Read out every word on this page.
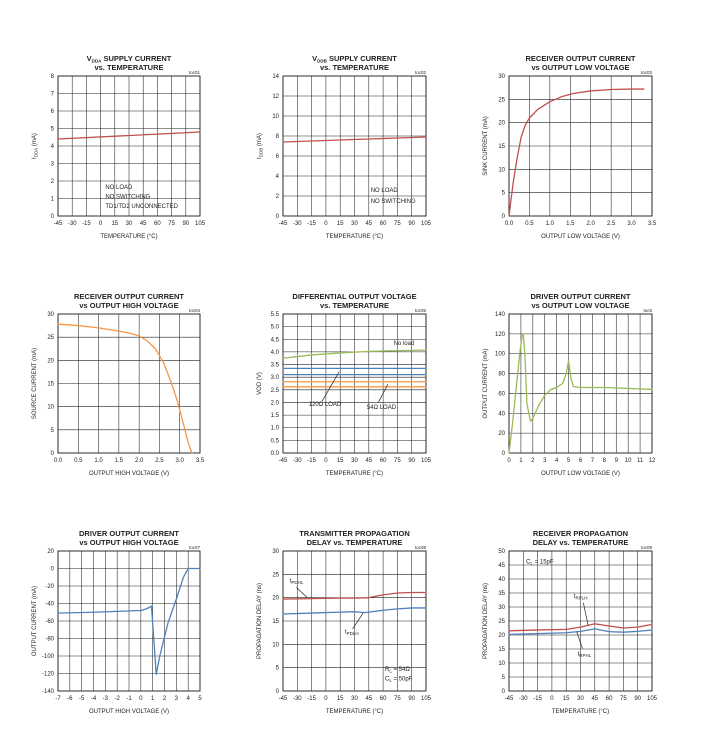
$V_{DDA}$ SUPPLY CURRENT
vs. TEMPERATURE
toc01
-45 -30 -15 0 15 30 45 60 75 90 105
0
1
2
3
4
5
6
7
8
TEMPERATURE (°C)
$I_{DDA}$ (mA)
NO LOAD
NO SWITCHING
TD1/TD2 UNCONNECTED
$V_{DDB}$ SUPPLY CURRENT
vs. TEMPERATURE
toc02
-45 -30 -15 0 15 30 45 60 75 90 105
0
2
4
6
8
10
12
14
TEMPERATURE (°C)
$I_{DDB}$ (mA)
NO LOAD
NO SWITCHING
RECEIVER OUTPUT CURRENT
vs OUTPUT LOW VOLTAGE
toc03
0.0 0.5 1.0 1.5 2.0 2.5 3.0 3.5
0
5
10
15
20
25
30
OUTPUT LOW VOLTAGE (V)
SINK CURRENT (mA)
RECEIVER OUTPUT CURRENT
vs OUTPUT HIGH VOLTAGE
toc04
0.0 0.5 1.0 1.5 2.0 2.5 3.0 3.5
0
5
10
15
20
25
30
OUTPUT HIGH VOLTAGE (V)
SOURCE CURRENT (mA)
DIFFERENTIAL OUTPUT VOLTAGE
vs. TEMPERATURE
toc05
-45 -30 -15 0 15 30 45 60 75 90 105
0.0
0.5
1.0
1.5
2.0
2.5
3.0
3.5
4.0
4.5
5.0
5.5
TEMPERATURE (°C)
VOD (V)
No load
120Ω LOAD	54Ω LOAD
DRIVER OUTPUT CURRENT
vs OUTPUT LOW VOLTAGE
toc6
0 1 2 3 4 5 6 7 8 9 10 11 12
0
20
40
60
80
100
120
140
OUTPUT LOW VOLTAGE (V)
OUTPUT CURRENT (mA)
DRIVER OUTPUT CURRENT
vs OUTPUT HIGH VOLTAGE
toc07
-7 -6 -5 -4 -3 -2 -1 0 1 2 3 4 5
-140
-120
-100
-80
-60
-40
-20
0
20
OUTPUT HIGH VOLTAGE (V)
OUTPUT CURRENT (mA)
TRANSMITTER PROPAGATION
DELAY vs. TEMPERATURE
toc08
-45 -30 -15 0 15 30 45 60 75 90 105
0
5
10
15
20
25
30
TEMPERATURE (°C)
PROPAGATION DELAY (ns)
$t_{PDHL}$
$t_{PDLH}$
$R_L = 54\Omega$
$C_L = 50pF$
RECEIVER PROPAGATION
DELAY vs. TEMPERATURE
toc09
-45 -30 -15 0 15 30 45 60 75 90 105
0
5
10
15
20
25
30
35
40
45
50
TEMPERATURE (°C)
PROPAGATION DELAY (ns)
$C_L = 15pF$
$t_{RPLH}$
$t_{RPHL}$
